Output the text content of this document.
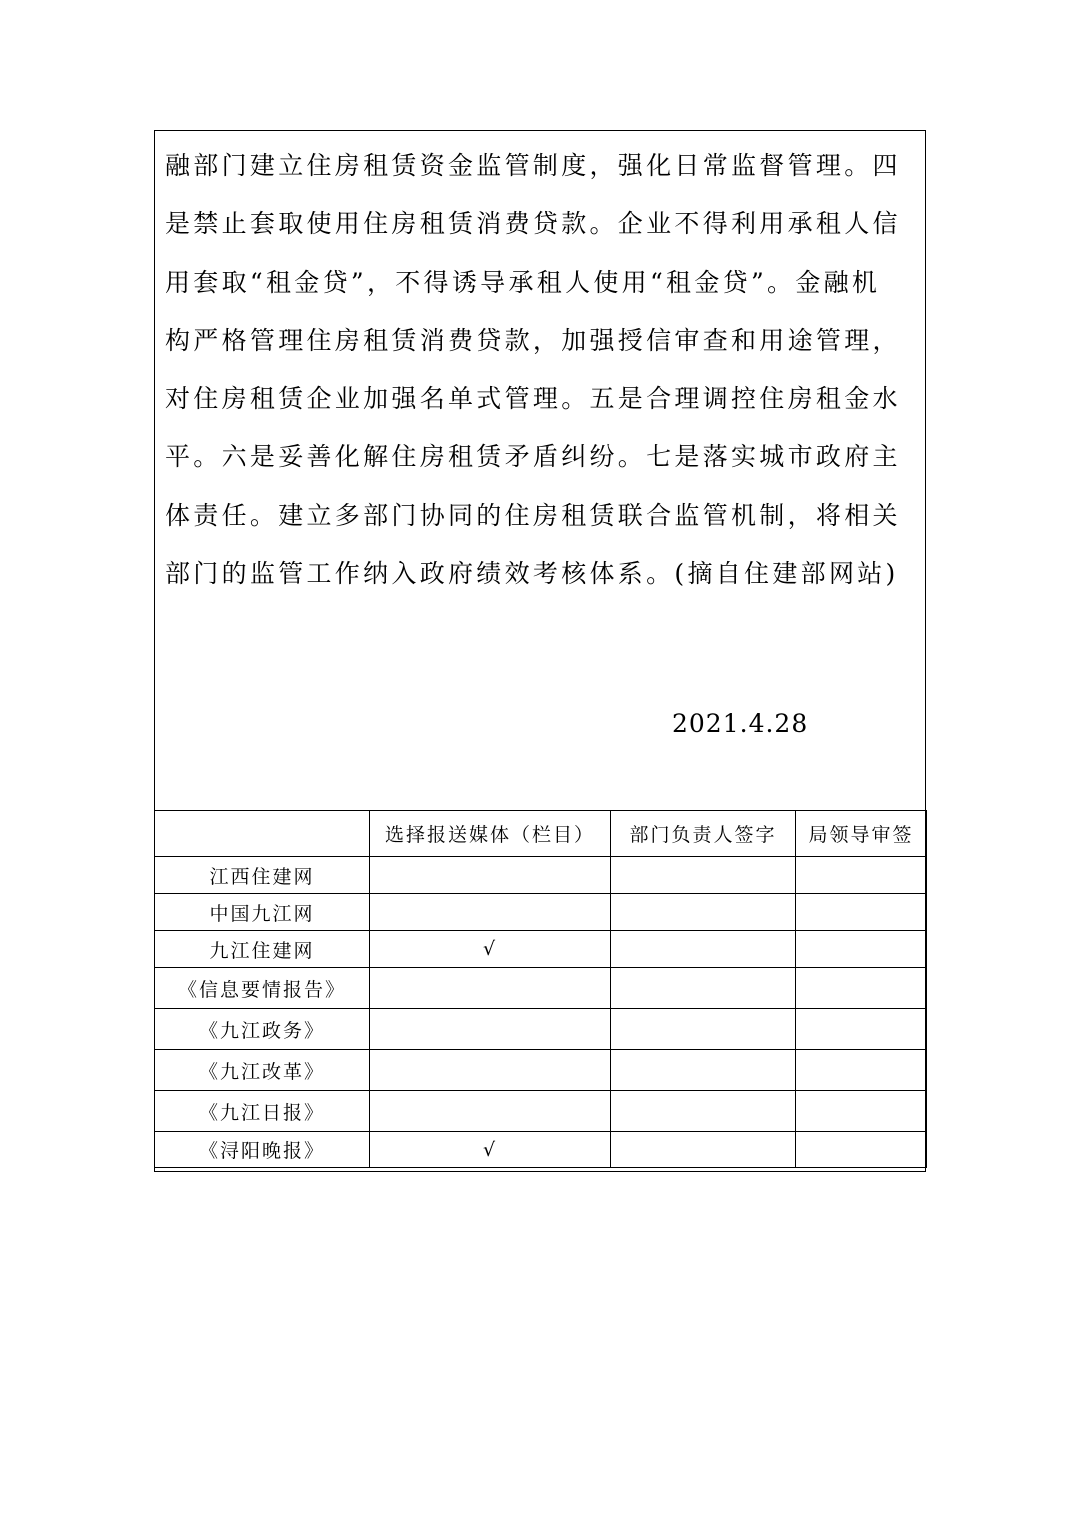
融部门建立住房租赁资金监管制度，强化日常监督管理。四
是禁止套取使用住房租赁消费贷款。企业不得利用承租人信
用套取“租金贷”，不得诱导承租人使用“租金贷”。金融机
构严格管理住房租赁消费贷款，加强授信审查和用途管理，
对住房租赁企业加强名单式管理。五是合理调控住房租金水
平。六是妥善化解住房租赁矛盾纠纷。七是落实城市政府主
体责任。建立多部门协同的住房租赁联合监管机制，将相关
部门的监管工作纳入政府绩效考核体系。(摘自住建部网站)
2021.4.28
	选择报送媒体（栏目）	部门负责人签字	局领导审签
江西住建网			
中国九江网			
九江住建网	√		
《信息要情报告》			
《九江政务》			
《九江改革》			
《九江日报》			
《浔阳晚报》	√		
